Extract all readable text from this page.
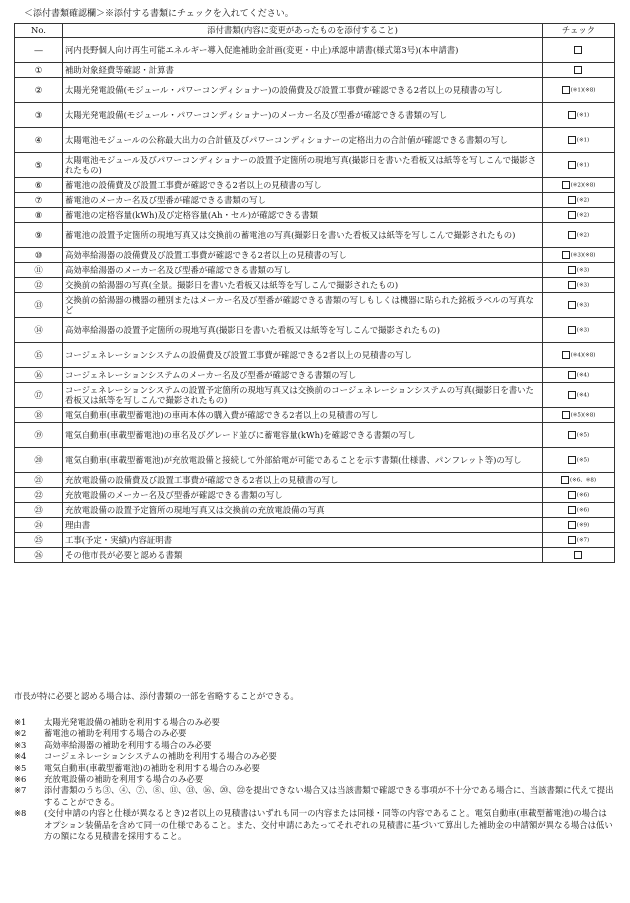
＜添付書類確認欄＞※添付する書類にチェックを入れてください。
No.	添付書類(内容に変更があったものを添付すること)	チェック
―	河内長野個人向け再生可能エネルギー導入促進補助金計画(変更・中止)承認申請書(様式第3号)(本申請書)	
①	補助対象経費等確認・計算書	
②	太陽光発電設備(モジュール・パワーコンディショナー)の設備費及び設置工事費が確認できる2者以上の見積書の写し	(※1)(※8)
③	太陽光発電設備(モジュール・パワーコンディショナー)のメーカー名及び型番が確認できる書類の写し	(※1)
④	太陽電池モジュールの公称最大出力の合計値及びパワーコンディショナーの定格出力の合計値が確認できる書類の写し	(※1)
⑤	太陽電池モジュール及びパワーコンディショナーの設置予定箇所の現地写真(撮影日を書いた看板又は紙等を写しこんで撮影されたもの)	(※1)
⑥	蓄電池の設備費及び設置工事費が確認できる2者以上の見積書の写し	(※2)(※8)
⑦	蓄電池のメーカー名及び型番が確認できる書類の写し	(※2)
⑧	蓄電池の定格容量(kWh)及び定格容量(Ah・セル)が確認できる書類	(※2)
⑨	蓄電池の設置予定箇所の現地写真又は交換前の蓄電池の写真(撮影日を書いた看板又は紙等を写しこんで撮影されたもの)	(※2)
⑩	高効率給湯器の設備費及び設置工事費が確認できる2者以上の見積書の写し	(※3)(※8)
⑪	高効率給湯器のメーカー名及び型番が確認できる書類の写し	(※3)
⑫	交換前の給湯器の写真(全景。撮影日を書いた看板又は紙等を写しこんで撮影されたもの)	(※3)
⑬	交換前の給湯器の機器の種別またはメーカー名及び型番が確認できる書類の写しもしくは機器に貼られた銘板ラベルの写真など	(※3)
⑭	高効率給湯器の設置予定箇所の現地写真(撮影日を書いた看板又は紙等を写しこんで撮影されたもの)	(※3)
⑮	コージェネレーションシステムの設備費及び設置工事費が確認できる2者以上の見積書の写し	(※4)(※8)
⑯	コージェネレーションシステムのメーカー名及び型番が確認できる書類の写し	(※4)
⑰	コージェネレーションシステムの設置予定箇所の現地写真又は交換前のコージェネレーションシステムの写真(撮影日を書いた看板又は紙等を写しこんで撮影されたもの)	(※4)
⑱	電気自動車(車載型蓄電池)の車両本体の購入費が確認できる2者以上の見積書の写し	(※5)(※8)
⑲	電気自動車(車載型蓄電池)の車名及びグレード並びに蓄電容量(kWh)を確認できる書類の写し	(※5)
⑳	電気自動車(車載型蓄電池)が充放電設備と接続して外部給電が可能であることを示す書類(仕様書、パンフレット等)の写し	(※5)
㉑	充放電設備の設備費及び設置工事費が確認できる2者以上の見積書の写し	(※6、※8)
㉒	充放電設備のメーカー名及び型番が確認できる書類の写し	(※6)
㉓	充放電設備の設置予定箇所の現地写真又は交換前の充放電設備の写真	(※6)
㉔	理由書	(※9)
㉕	工事(予定・実績)内容証明書	(※7)
㉖	その他市長が必要と認める書類	
市長が特に必要と認める場合は、添付書類の一部を省略することができる。
※1	太陽光発電設備の補助を利用する場合のみ必要
※2	蓄電池の補助を利用する場合のみ必要
※3	高効率給湯器の補助を利用する場合のみ必要
※4	コージェネレーションシステムの補助を利用する場合のみ必要
※5	電気自動車(車載型蓄電池)の補助を利用する場合のみ必要
※6	充放電設備の補助を利用する場合のみ必要
※7	添付書類のうち③、④、⑦、⑧、⑪、⑬、⑯、⑳、㉒を提出できない場合又は当該書類で確認できる事項が不十分である場合に、当該書類に代えて提出することができる。
※8	(交付申請の内容と仕様が異なるとき)2者以上の見積書はいずれも同一の内容または同様・同等の内容であること。電気自動車(車載型蓄電池)の場合はオプション装備品を含めて同一の仕様であること。また、交付申請にあたってそれぞれの見積書に基づいて算出した補助金の申請額が異なる場合は低い方の額になる見積書を採用すること。
